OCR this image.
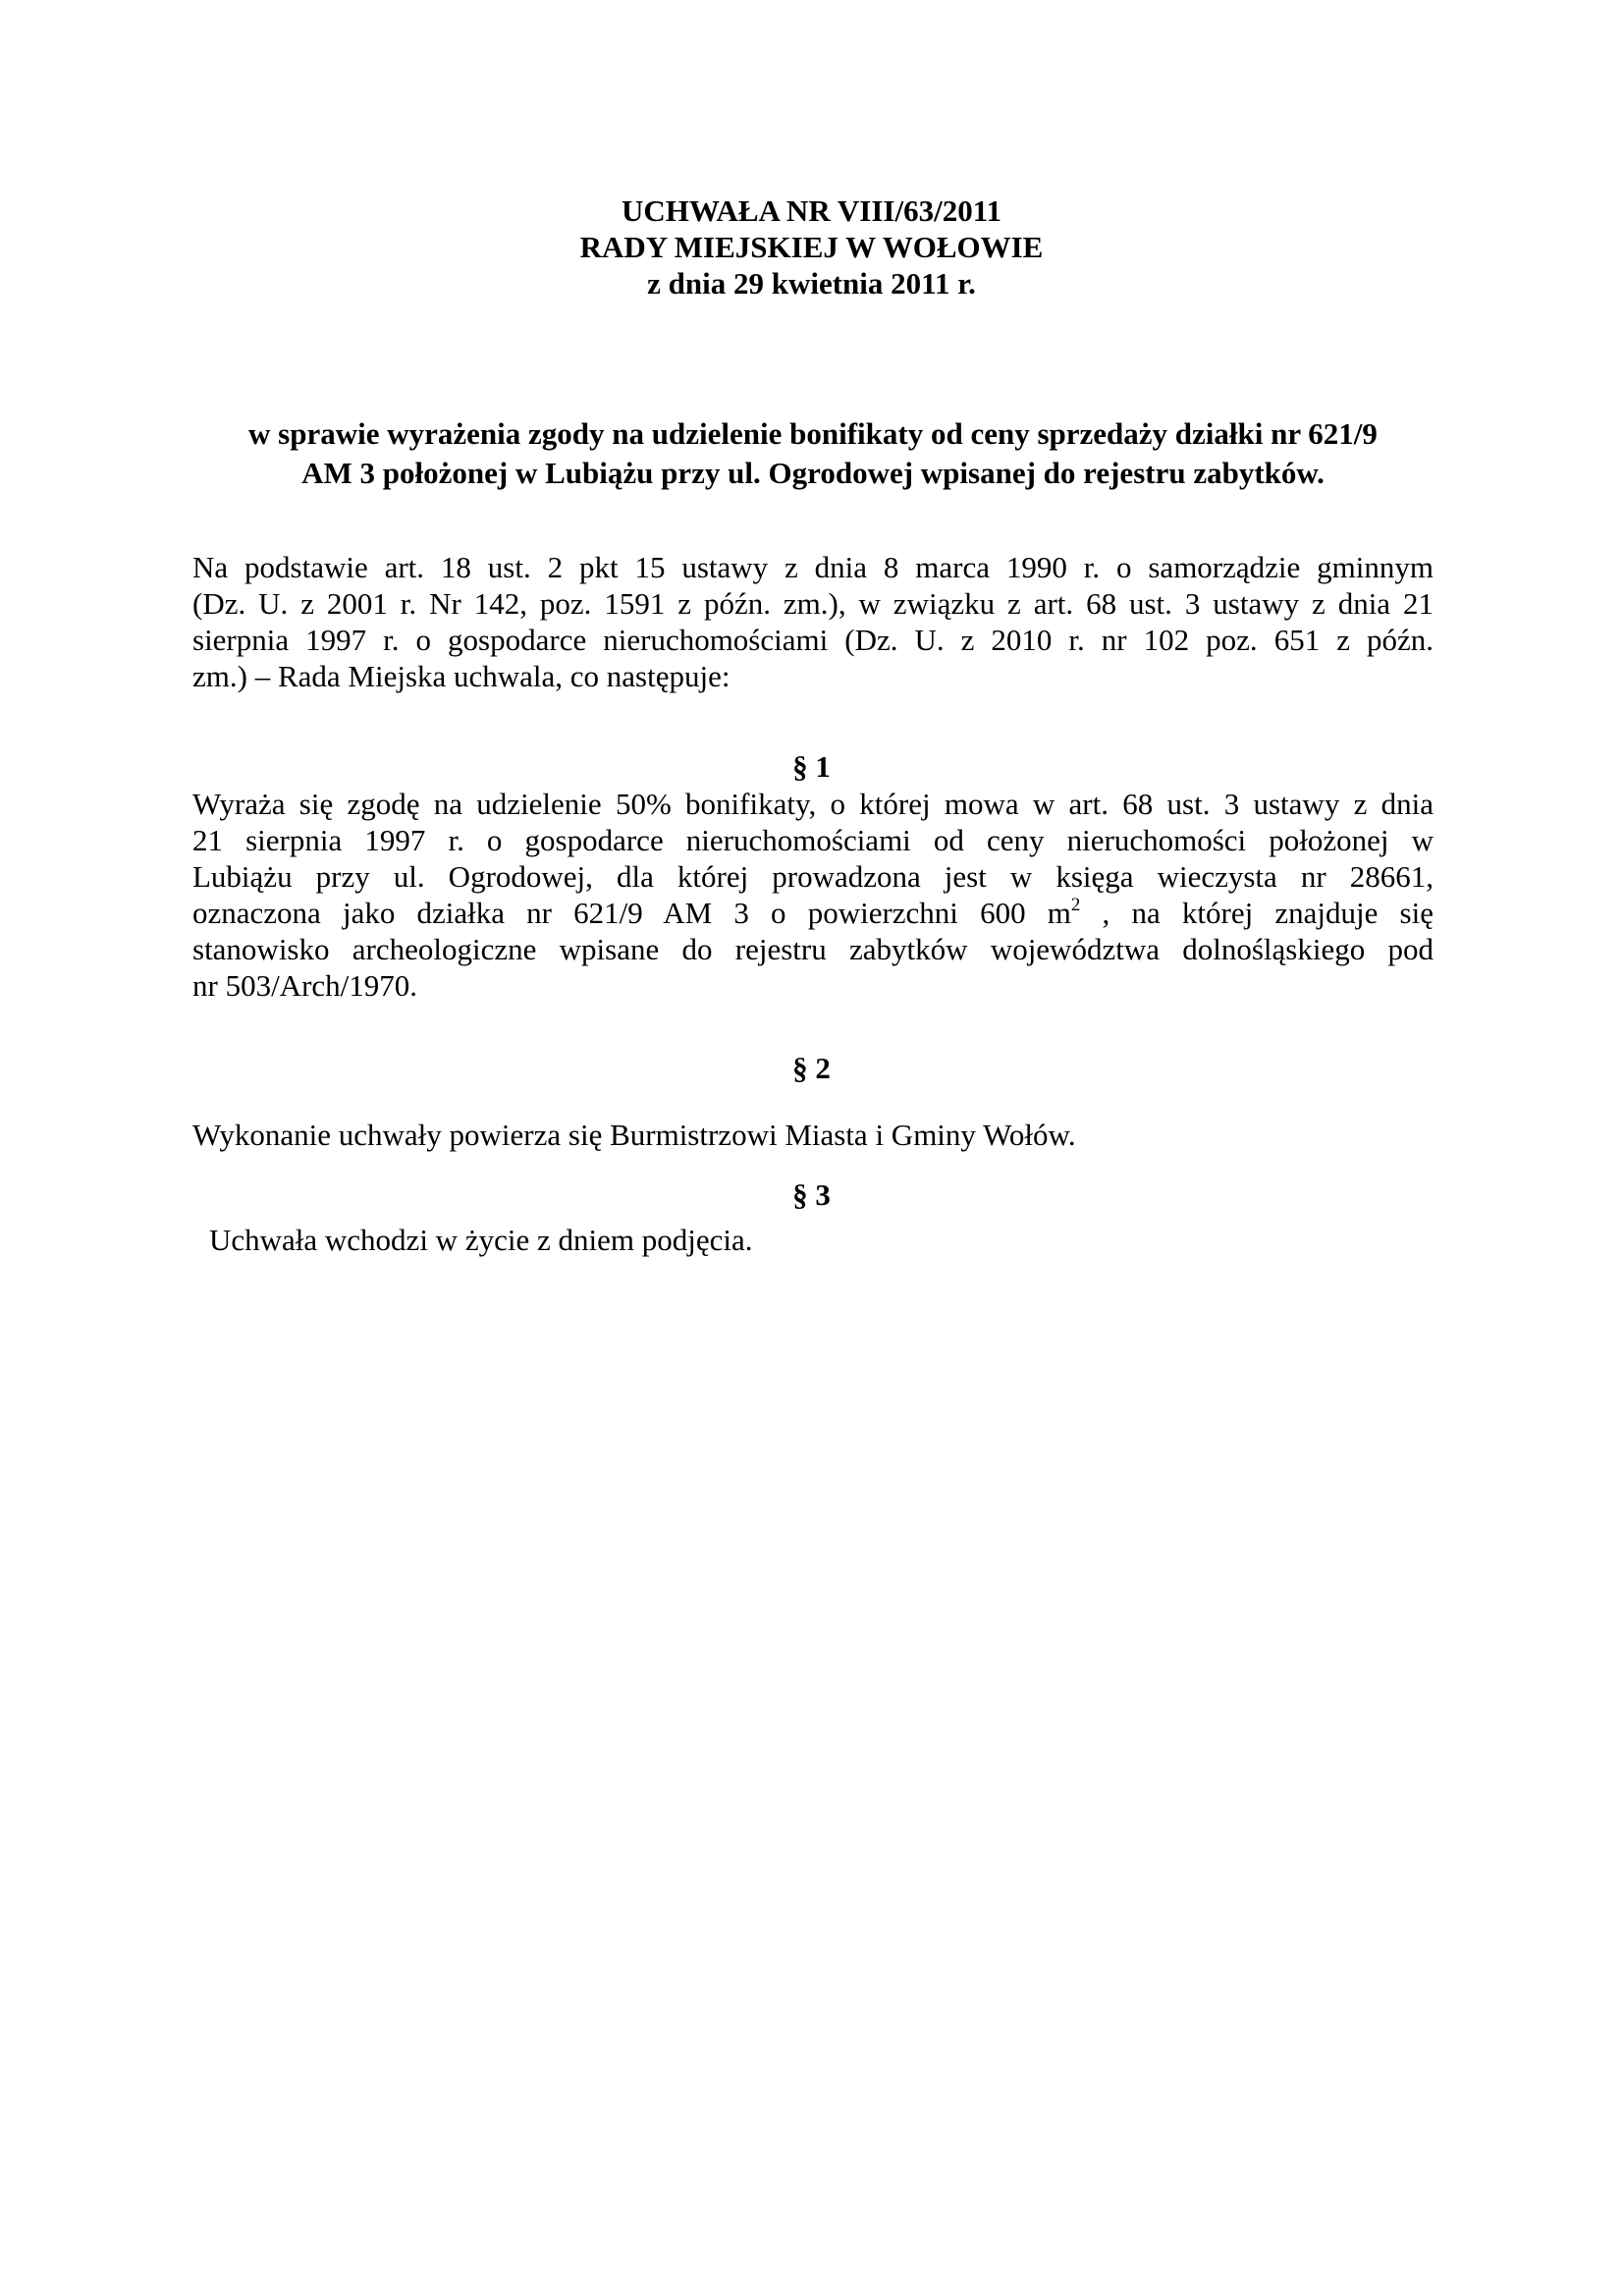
UCHWAŁA NR VIII/63/2011
RADY MIEJSKIEJ W WOŁOWIE
z dnia 29 kwietnia 2011 r.
w sprawie wyrażenia zgody na udzielenie bonifikaty od ceny sprzedaży działki nr 621/9
AM 3 położonej w Lubiążu przy ul. Ogrodowej wpisanej do rejestru zabytków.
Na podstawie art. 18 ust. 2 pkt 15 ustawy z dnia 8 marca 1990 r. o samorządzie gminnym
(Dz. U. z 2001 r. Nr 142, poz. 1591 z późn. zm.), w związku z art. 68 ust. 3 ustawy z dnia 21
sierpnia 1997 r. o gospodarce nieruchomościami (Dz. U. z 2010 r. nr 102 poz. 651 z późn.
zm.) – Rada Miejska uchwala, co następuje:
§ 1
Wyraża się zgodę na udzielenie 50% bonifikaty, o której mowa w art. 68 ust. 3 ustawy z dnia
21 sierpnia 1997 r. o gospodarce nieruchomościami od ceny nieruchomości położonej w
Lubiążu przy ul. Ogrodowej, dla której prowadzona jest w księga wieczysta nr 28661,
oznaczona jako działka nr 621/9 AM 3 o powierzchni 600 $m^2$ , na której znajduje się
stanowisko archeologiczne wpisane do rejestru zabytków województwa dolnośląskiego pod
nr 503/Arch/1970.
§ 2
Wykonanie uchwały powierza się Burmistrzowi Miasta i Gminy Wołów.
§ 3
Uchwała wchodzi w życie z dniem podjęcia.
